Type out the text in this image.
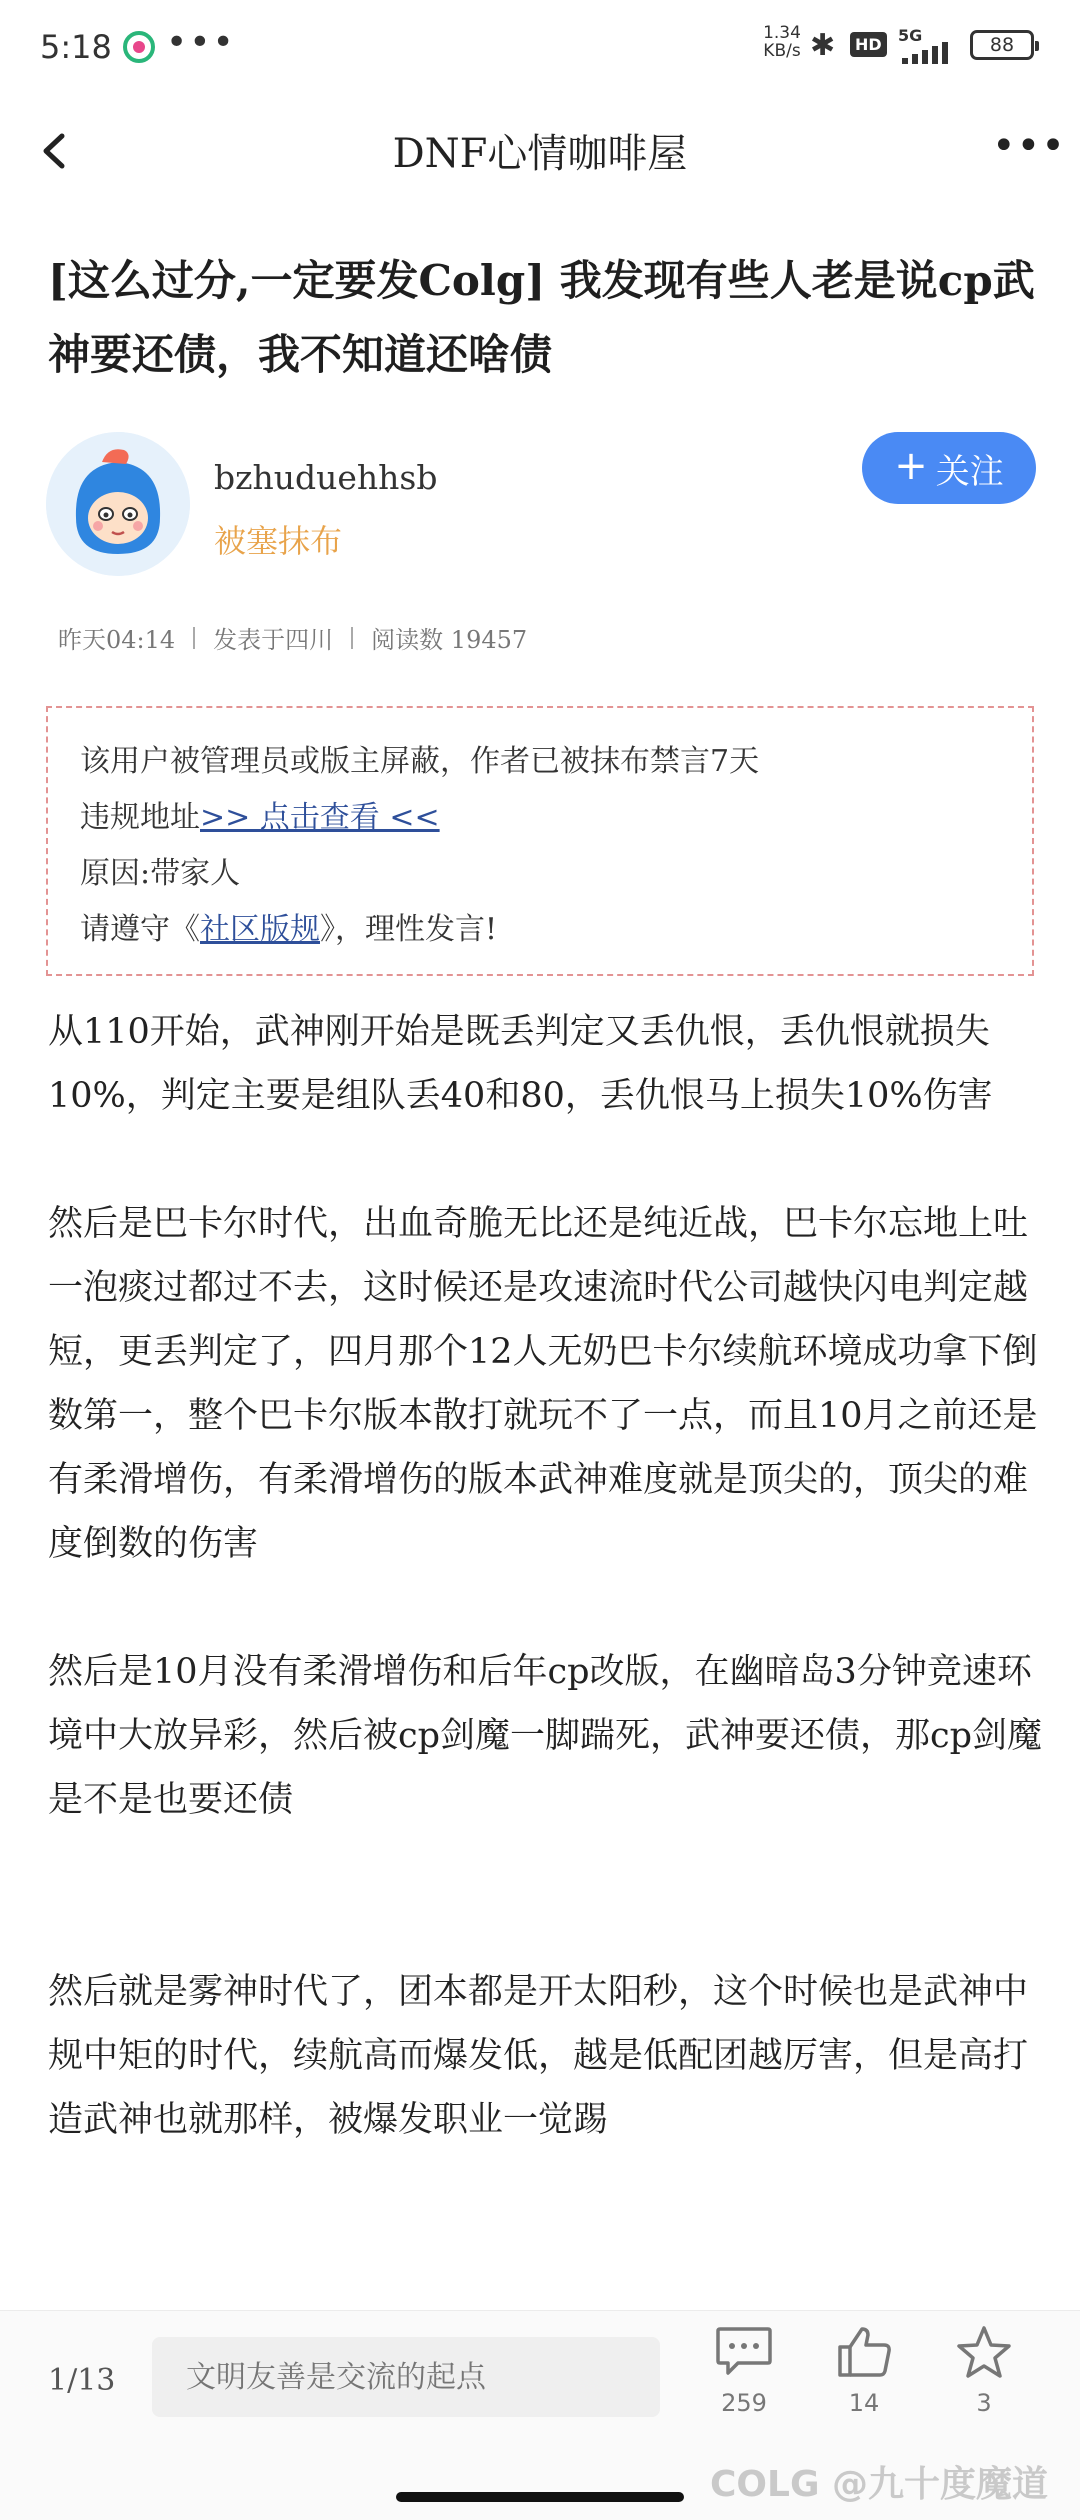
5:18 •••	1.34
KB/s ✱	HD	5G	88
DNF心情咖啡屋	•••
[这么过分,一定要发Colg] 我发现有些人老是说cp武神要还债，我不知道还啥债
bzhuduehhsb
被塞抹布
+ 关注
昨天04:14 发表于四川 阅读数 19457

该用户被管理员或版主屏蔽，作者已被抹布禁言7天

违规地址>> 点击查看 <<

原因:带家人

请遵守《社区版规》，理性发言!

从110开始，武神刚开始是既丢判定又丢仇恨，丢仇恨就损失10%，判定主要是组队丢40和80，丢仇恨马上损失10%伤害

然后是巴卡尔时代，出血奇脆无比还是纯近战，巴卡尔忘地上吐一泡痰过都过不去，这时候还是攻速流时代公司越快闪电判定越短，更丢判定了，四月那个12人无奶巴卡尔续航环境成功拿下倒数第一，整个巴卡尔版本散打就玩不了一点，而且10月之前还是有柔滑增伤，有柔滑增伤的版本武神难度就是顶尖的，顶尖的难度倒数的伤害

然后是10月没有柔滑增伤和后年cp改版，在幽暗岛3分钟竞速环境中大放异彩，然后被cp剑魔一脚踹死，武神要还债，那cp剑魔是不是也要还债

然后就是雾神时代了，团本都是开太阳秒，这个时候也是武神中规中矩的时代，续航高而爆发低，越是低配团越厉害，但是高打造武神也就那样，被爆发职业一觉踢

1/13
文明友善是交流的起点
259	14	3
COLG @九十度魔道
